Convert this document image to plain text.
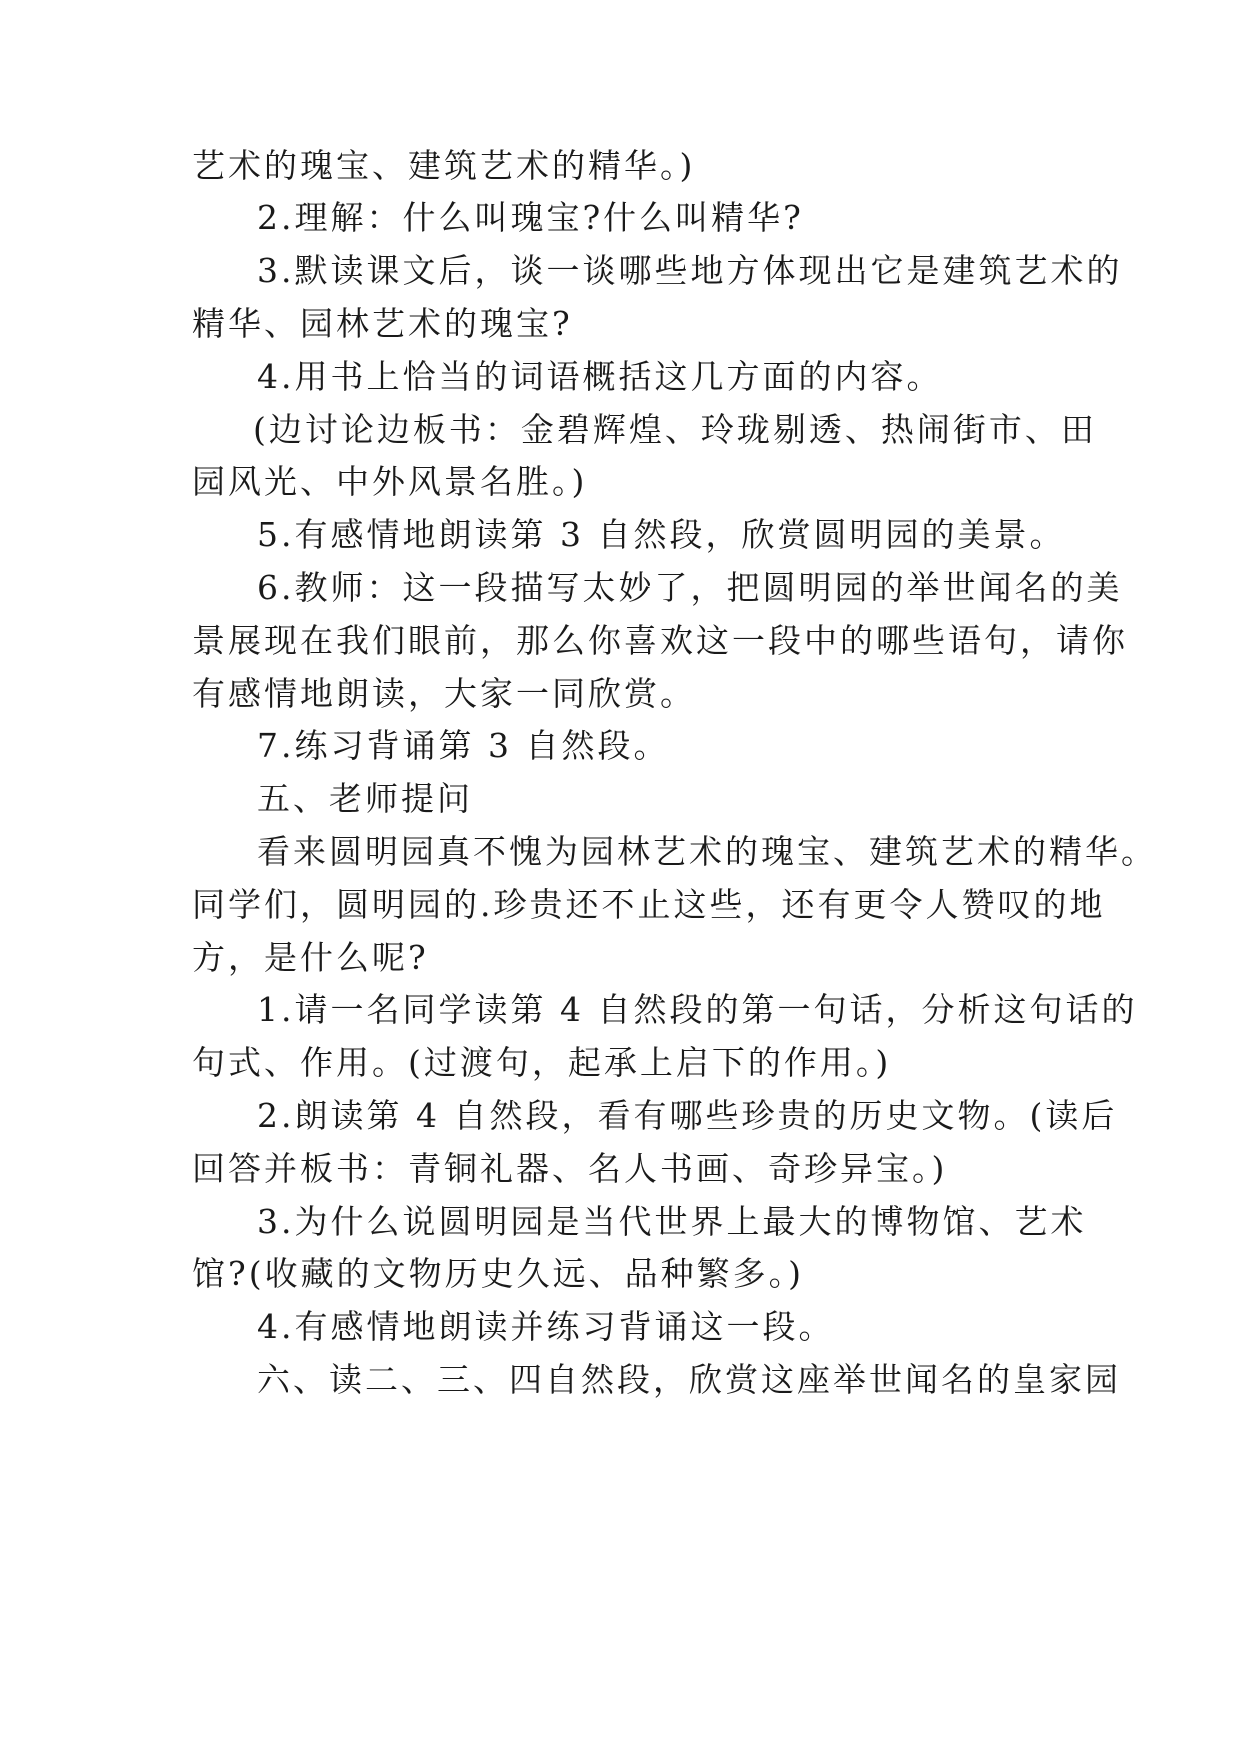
艺术的瑰宝、建筑艺术的精华。)
2.理解：什么叫瑰宝?什么叫精华?
3.默读课文后，谈一谈哪些地方体现出它是建筑艺术的
精华、园林艺术的瑰宝?
4.用书上恰当的词语概括这几方面的内容。
(边讨论边板书：金碧辉煌、玲珑剔透、热闹街市、田
园风光、中外风景名胜。)
5.有感情地朗读第 3 自然段，欣赏圆明园的美景。
6.教师：这一段描写太妙了，把圆明园的举世闻名的美
景展现在我们眼前，那么你喜欢这一段中的哪些语句，请你
有感情地朗读，大家一同欣赏。
7.练习背诵第 3 自然段。
五、老师提问
看来圆明园真不愧为园林艺术的瑰宝、建筑艺术的精华。
同学们，圆明园的.珍贵还不止这些，还有更令人赞叹的地
方，是什么呢?
1.请一名同学读第 4 自然段的第一句话，分析这句话的
句式、作用。(过渡句，起承上启下的作用。)
2.朗读第 4 自然段，看有哪些珍贵的历史文物。(读后
回答并板书：青铜礼器、名人书画、奇珍异宝。)
3.为什么说圆明园是当代世界上最大的博物馆、艺术
馆?(收藏的文物历史久远、品种繁多。)
4.有感情地朗读并练习背诵这一段。
六、读二、三、四自然段，欣赏这座举世闻名的皇家园
